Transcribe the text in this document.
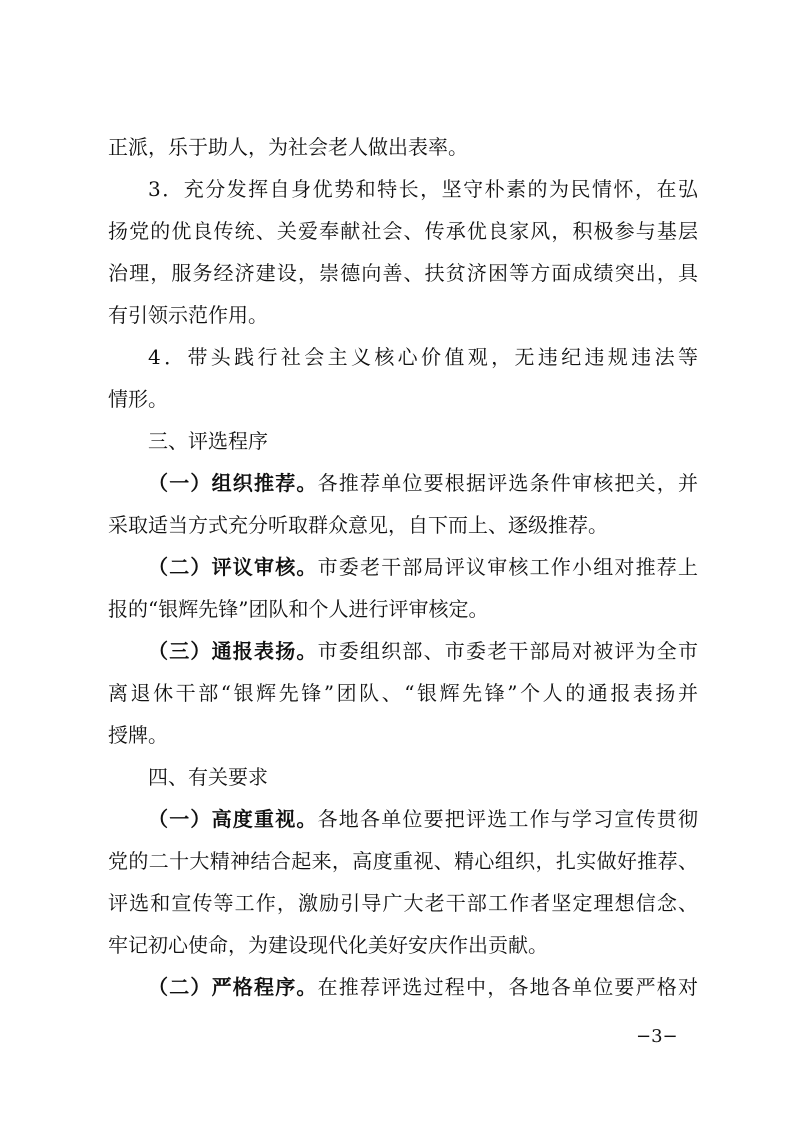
正派，乐于助人，为社会老人做出表率。
3．充分发挥自身优势和特长，坚守朴素的为民情怀，在弘
扬党的优良传统、关爱奉献社会、传承优良家风，积极参与基层
治理，服务经济建设，崇德向善、扶贫济困等方面成绩突出，具
有引领示范作用。
4．带头践行社会主义核心价值观，无违纪违规违法等
情形。
三、评选程序
（一）组织推荐。各推荐单位要根据评选条件审核把关，并
采取适当方式充分听取群众意见，自下而上、逐级推荐。
（二）评议审核。市委老干部局评议审核工作小组对推荐上
报的“银辉先锋”团队和个人进行评审核定。
（三）通报表扬。市委组织部、市委老干部局对被评为全市
离退休干部“银辉先锋”团队、“银辉先锋”个人的通报表扬并
授牌。
四、有关要求
（一）高度重视。各地各单位要把评选工作与学习宣传贯彻
党的二十大精神结合起来，高度重视、精心组织，扎实做好推荐、
评选和宣传等工作，激励引导广大老干部工作者坚定理想信念、
牢记初心使命，为建设现代化美好安庆作出贡献。
（二）严格程序。在推荐评选过程中，各地各单位要严格对
−3−
